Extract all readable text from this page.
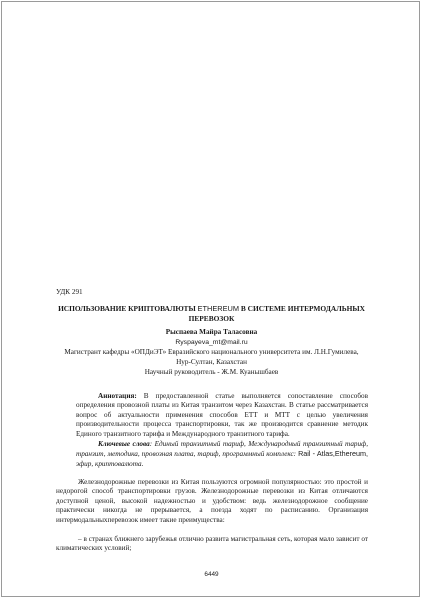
УДК 291

ИСПОЛЬЗОВАНИЕ КРИПТОВАЛЮТЫ ETHEREUM В СИСТЕМЕ ИНТЕРМОДАЛЬНЫХ ПЕРЕВОЗОК

Рыспаева Майра Таласовна

Ryspayeva_mt@mail.ru

Магистрант кафедры «ОПДиЭТ» Евразийского национального университета им. Л.Н.Гумилева,

Нур-Султан, Казахстан

Научный руководитель - Ж.М. Куанышбаев

Аннотация: В предоставленной статье выполняется сопоставление способов определения провозной платы из Китая транзитом через Казахстан. В статье рассматривается вопрос об актуальности применения способов ЕТТ и МТТ с целью увеличения производительности процесса транспортировки, так же производится сравнение методик Единого транзитного тарифа и Международного транзитного тарифа.

Ключевые слова: Единый транзитный тариф, Международный транзитный тариф, транзит, методика, провозная плата, тариф, программный комплекс: Rail - Atlas,Ethereum, эфир, криптовалюта.

Железнодорожные перевозки из Китая пользуются огромной популярностью: это простой и недорогой способ транспортировки грузов. Железнодорожные перевозки из Китая отличаются доступной ценой, высокой надежностью и удобством: ведь железнодорожное сообщение практически никогда не прерывается, а поезда ходят по расписанию. Организация интермодальныхперевозок имеет такие преимущества:

– в странах ближнего зарубежья отлично развита магистральная сеть, которая мало зависит от климатических условий;

6449
